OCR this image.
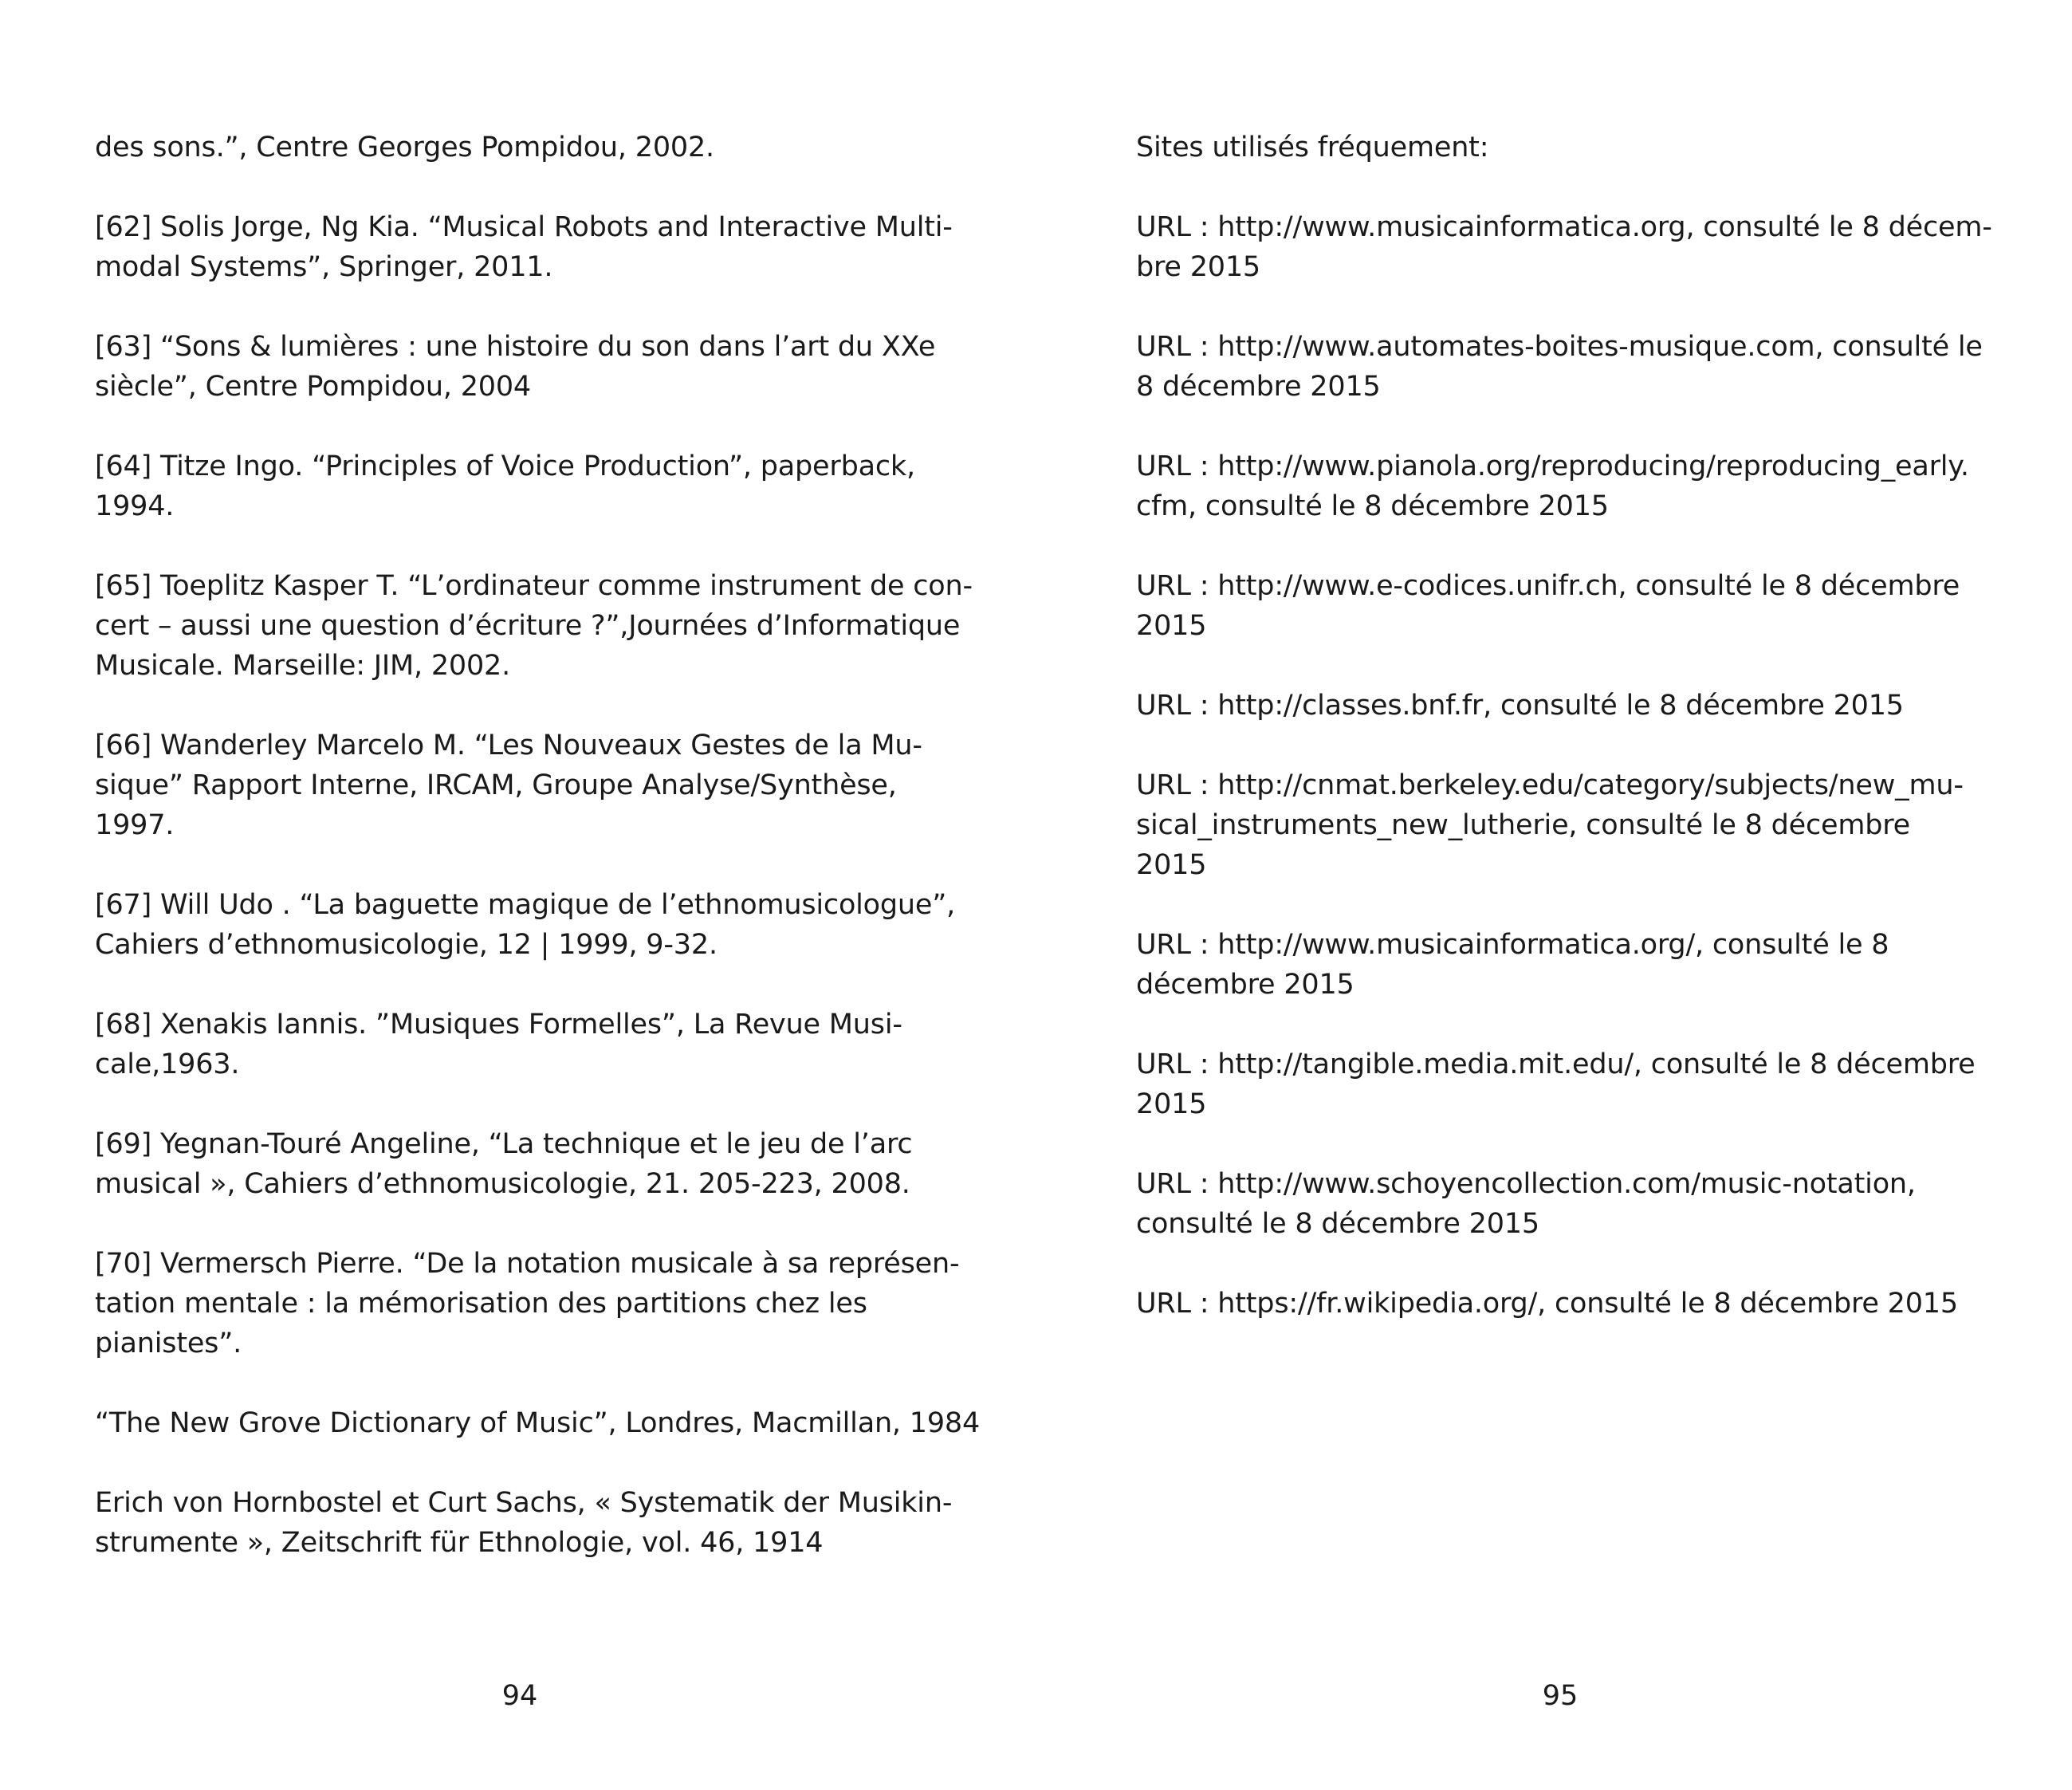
des sons.”, Centre Georges Pompidou, 2002.
[62] Solis Jorge, Ng Kia. “Musical Robots and Interactive Multi-
modal Systems”, Springer, 2011.
[63] “Sons & lumières : une histoire du son dans l’art du XXe
siècle”, Centre Pompidou, 2004
[64] Titze Ingo. “Principles of Voice Production”, paperback,
1994.
[65] Toeplitz Kasper T. “L’ordinateur comme instrument de con-
cert – aussi une question d’écriture ?”,Journées d’Informatique
Musicale. Marseille: JIM, 2002.
[66] Wanderley Marcelo M. “Les Nouveaux Gestes de la Mu-
sique” Rapport Interne, IRCAM, Groupe Analyse/Synthèse,
1997.
[67] Will Udo . “La baguette magique de l’ethnomusicologue”,
Cahiers d’ethnomusicologie, 12 | 1999, 9-32.
[68] Xenakis Iannis. ”Musiques Formelles”, La Revue Musi-
cale,1963.
[69] Yegnan-Touré Angeline, “La technique et le jeu de l’arc
musical », Cahiers d’ethnomusicologie, 21. 205-223, 2008.
[70] Vermersch Pierre. “De la notation musicale à sa représen-
tation mentale : la mémorisation des partitions chez les
pianistes”.
“The New Grove Dictionary of Music”, Londres, Macmillan, 1984
Erich von Hornbostel et Curt Sachs, « Systematik der Musikin-
strumente », Zeitschrift für Ethnologie, vol. 46, 1914
94
Sites utilisés fréquement:
URL : http://www.musicainformatica.org, consulté le 8 décem-
bre 2015
URL : http://www.automates-boites-musique.com, consulté le
8 décembre 2015
URL : http://www.pianola.org/reproducing/reproducing_early.
cfm, consulté le 8 décembre 2015
URL : http://www.e-codices.unifr.ch, consulté le 8 décembre
2015
URL : http://classes.bnf.fr, consulté le 8 décembre 2015
URL : http://cnmat.berkeley.edu/category/subjects/new_mu-
sical_instruments_new_lutherie, consulté le 8 décembre
2015
URL : http://www.musicainformatica.org/, consulté le 8
décembre 2015
URL : http://tangible.media.mit.edu/, consulté le 8 décembre
2015
URL : http://www.schoyencollection.com/music-notation,
consulté le 8 décembre 2015
URL : https://fr.wikipedia.org/, consulté le 8 décembre 2015
95
